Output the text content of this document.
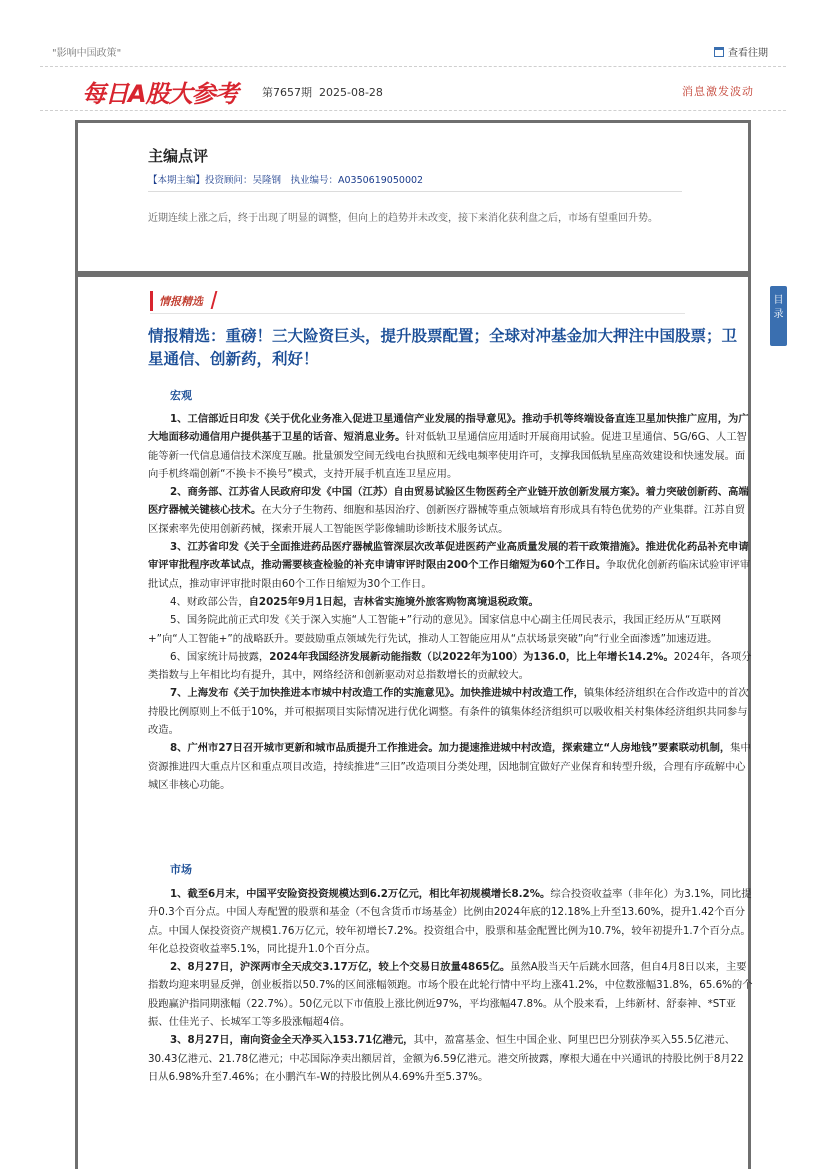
"影响中国政策"	查看往期
每日A股大参考 第7657期 2025-08-28	消息激发波动
主编点评
【本期主编】投资顾问：吴隆钢　执业编号：A0350619050002
近期连续上涨之后，终于出现了明显的调整，但向上的趋势并未改变，接下来消化获利盘之后，市场有望重回升势。
情报精选
情报精选：重磅！三大险资巨头，提升股票配置；全球对冲基金加大押注中国股票；卫星通信、创新药，利好！
宏观

1、工信部近日印发《关于优化业务准入促进卫星通信产业发展的指导意见》。推动手机等终端设备直连卫星加快推广应用，为广大地面移动通信用户提供基于卫星的话音、短消息业务。针对低轨卫星通信应用适时开展商用试验。促进卫星通信、5G/6G、人工智能等新一代信息通信技术深度互融。批量颁发空间无线电台执照和无线电频率使用许可，支撑我国低轨星座高效建设和快速发展。面向手机终端创新“不换卡不换号”模式，支持开展手机直连卫星应用。

2、商务部、江苏省人民政府印发《中国（江苏）自由贸易试验区生物医药全产业链开放创新发展方案》。着力突破创新药、高端医疗器械关键核心技术。在大分子生物药、细胞和基因治疗、创新医疗器械等重点领域培育形成具有特色优势的产业集群。江苏自贸区探索率先使用创新药械，探索开展人工智能医学影像辅助诊断技术服务试点。

3、江苏省印发《关于全面推进药品医疗器械监管深层次改革促进医药产业高质量发展的若干政策措施》。推进优化药品补充申请审评审批程序改革试点，推动需要核查检验的补充申请审评时限由200个工作日缩短为60个工作日。争取优化创新药临床试验审评审批试点，推动审评审批时限由60个工作日缩短为30个工作日。

4、财政部公告，自2025年9月1日起，吉林省实施境外旅客购物离境退税政策。

5、国务院此前正式印发《关于深入实施“人工智能+”行动的意见》。国家信息中心副主任周民表示，我国正经历从“互联网+”向“人工智能+”的战略跃升。要鼓励重点领域先行先试，推动人工智能应用从“点状场景突破”向“行业全面渗透”加速迈进。

6、国家统计局披露，2024年我国经济发展新动能指数（以2022年为100）为136.0，比上年增长14.2%。2024年，各项分类指数与上年相比均有提升，其中，网络经济和创新驱动对总指数增长的贡献较大。

7、上海发布《关于加快推进本市城中村改造工作的实施意见》。加快推进城中村改造工作，镇集体经济组织在合作改造中的首次持股比例原则上不低于10%，并可根据项目实际情况进行优化调整。有条件的镇集体经济组织可以吸收相关村集体经济组织共同参与改造。

8、广州市27日召开城市更新和城市品质提升工作推进会。加力提速推进城中村改造，探索建立“人房地钱”要素联动机制，集中资源推进四大重点片区和重点项目改造，持续推进“三旧”改造项目分类处理，因地制宜做好产业保育和转型升级，合理有序疏解中心城区非核心功能。

市场

1、截至6月末，中国平安险资投资规模达到6.2万亿元，相比年初规模增长8.2%。综合投资收益率（非年化）为3.1%，同比提升0.3个百分点。中国人寿配置的股票和基金（不包含货币市场基金）比例由2024年底的12.18%上升至13.60%，提升1.42个百分点。中国人保投资资产规模1.76万亿元，较年初增长7.2%。投资组合中，股票和基金配置比例为10.7%，较年初提升1.7个百分点。年化总投资收益率5.1%，同比提升1.0个百分点。

2、8月27日，沪深两市全天成交3.17万亿，较上个交易日放量4865亿。虽然A股当天午后跳水回落，但自4月8日以来，主要指数均迎来明显反弹，创业板指以50.7%的区间涨幅领跑。市场个股在此轮行情中平均上涨41.2%，中位数涨幅31.8%，65.6%的个股跑赢沪指同期涨幅（22.7%）。50亿元以下市值股上涨比例近97%，平均涨幅47.8%。从个股来看，上纬新材、舒泰神、*ST亚振、仕佳光子、长城军工等多股涨幅超4倍。

3、8月27日，南向资金全天净买入153.71亿港元，其中，盈富基金、恒生中国企业、阿里巴巴分别获净买入55.5亿港元、30.43亿港元、21.78亿港元；中芯国际净卖出额居首，金额为6.59亿港元。港交所披露，摩根大通在中兴通讯的持股比例于8月22日从6.98%升至7.46%；在小鹏汽车-W的持股比例从4.69%升至5.37%。

目录
